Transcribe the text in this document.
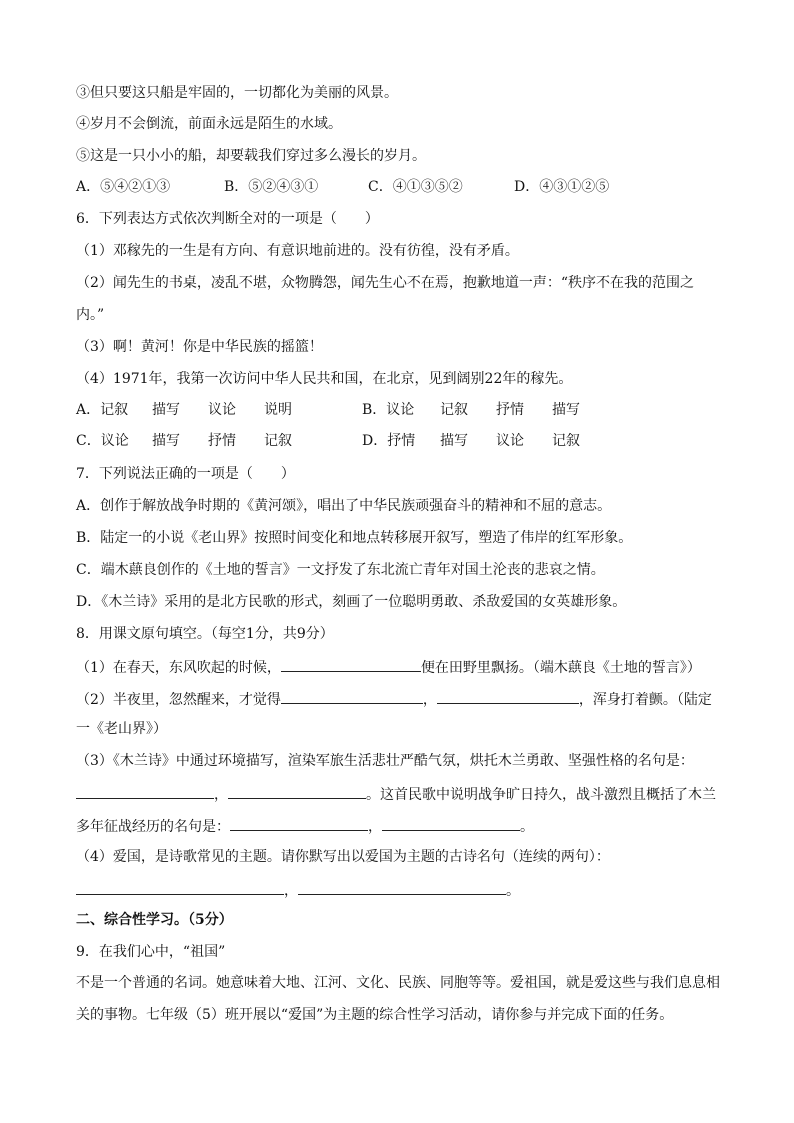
③但只要这只船是牢固的，一切都化为美丽的风景。
④岁月不会倒流，前面永远是陌生的水域。
⑤这是一只小小的船，却要载我们穿过多么漫长的岁月。
A．⑤④②①③	B．⑤②④③①	C．④①③⑤②	D．④③①②⑤
6．下列表达方式依次判断全对的一项是（　　）
（1）邓稼先的一生是有方向、有意识地前进的。没有彷徨，没有矛盾。
（2）闻先生的书桌，凌乱不堪，众物腾怨，闻先生心不在焉，抱歉地道一声：“秩序不在我的范围之
内。”
（3）啊！黄河！你是中华民族的摇篮！
（4）1971年，我第一次访问中华人民共和国，在北京，见到阔别22年的稼先。
A．记叙 描写 议论 说明	B．议论 记叙 抒情 描写
C．议论 描写 抒情 记叙	D．抒情 描写 议论 记叙
7．下列说法正确的一项是（　　）
A．创作于解放战争时期的《黄河颂》，唱出了中华民族顽强奋斗的精神和不屈的意志。
B．陆定一的小说《老山界》按照时间变化和地点转移展开叙写，塑造了伟岸的红军形象。
C．端木蕻良创作的《土地的誓言》一文抒发了东北流亡青年对国土沦丧的悲哀之情。
D．《木兰诗》采用的是北方民歌的形式，刻画了一位聪明勇敢、杀敌爱国的女英雄形象。
8．用课文原句填空。（每空1分，共9分）
（1）在春天，东风吹起的时候，	便在田野里飘扬。（端木蕻良《土地的誓言》）
（2）半夜里，忽然醒来，才觉得	，	，浑身打着颤。（陆定
一《老山界》）
（3）《木兰诗》中通过环境描写，渲染军旅生活悲壮严酷气氛，烘托木兰勇敢、坚强性格的名句是：
，	。这首民歌中说明战争旷日持久，战斗激烈且概括了木兰
多年征战经历的名句是：	，	。
（4）爱国，是诗歌常见的主题。请你默写出以爱国为主题的古诗名句（连续的两句）：
，	。
二、综合性学习。（5分）
9．在我们心中，“祖国”
不是一个普通的名词。她意味着大地、江河、文化、民族、同胞等等。爱祖国，就是爱这些与我们息息相
关的事物。七年级（5）班开展以“爱国”为主题的综合性学习活动，请你参与并完成下面的任务。
